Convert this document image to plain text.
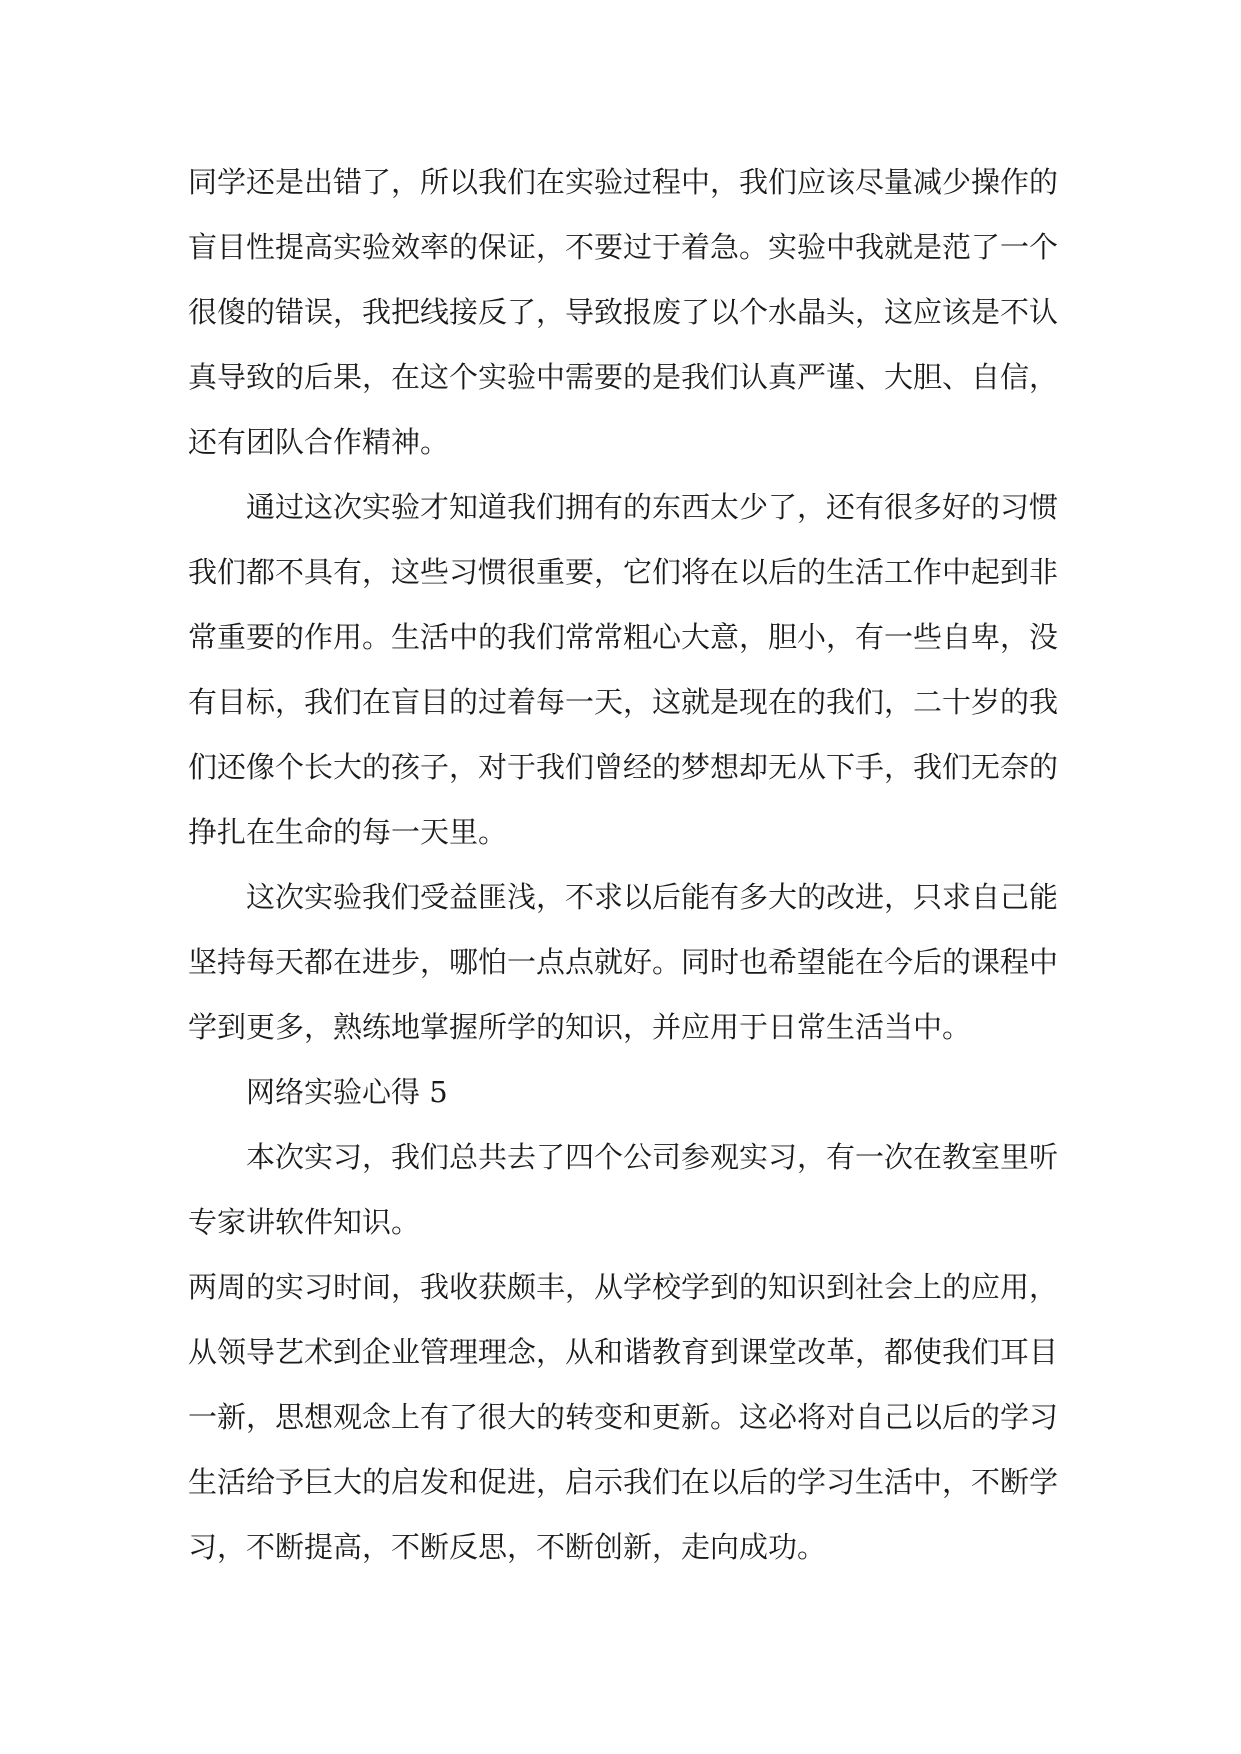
同学还是出错了，所以我们在实验过程中，我们应该尽量减少操作的
盲目性提高实验效率的保证，不要过于着急。实验中我就是范了一个
很傻的错误，我把线接反了，导致报废了以个水晶头，这应该是不认
真导致的后果，在这个实验中需要的是我们认真严谨、大胆、自信，
还有团队合作精神。
通过这次实验才知道我们拥有的东西太少了，还有很多好的习惯
我们都不具有，这些习惯很重要，它们将在以后的生活工作中起到非
常重要的作用。生活中的我们常常粗心大意，胆小，有一些自卑，没
有目标，我们在盲目的过着每一天，这就是现在的我们，二十岁的我
们还像个长大的孩子，对于我们曾经的梦想却无从下手，我们无奈的
挣扎在生命的每一天里。
这次实验我们受益匪浅，不求以后能有多大的改进，只求自己能
坚持每天都在进步，哪怕一点点就好。同时也希望能在今后的课程中
学到更多，熟练地掌握所学的知识，并应用于日常生活当中。
网络实验心得 5
本次实习，我们总共去了四个公司参观实习，有一次在教室里听
专家讲软件知识。
两周的实习时间，我收获颇丰，从学校学到的知识到社会上的应用，
从领导艺术到企业管理理念，从和谐教育到课堂改革，都使我们耳目
一新，思想观念上有了很大的转变和更新。这必将对自己以后的学习
生活给予巨大的启发和促进，启示我们在以后的学习生活中，不断学
习，不断提高，不断反思，不断创新，走向成功。
